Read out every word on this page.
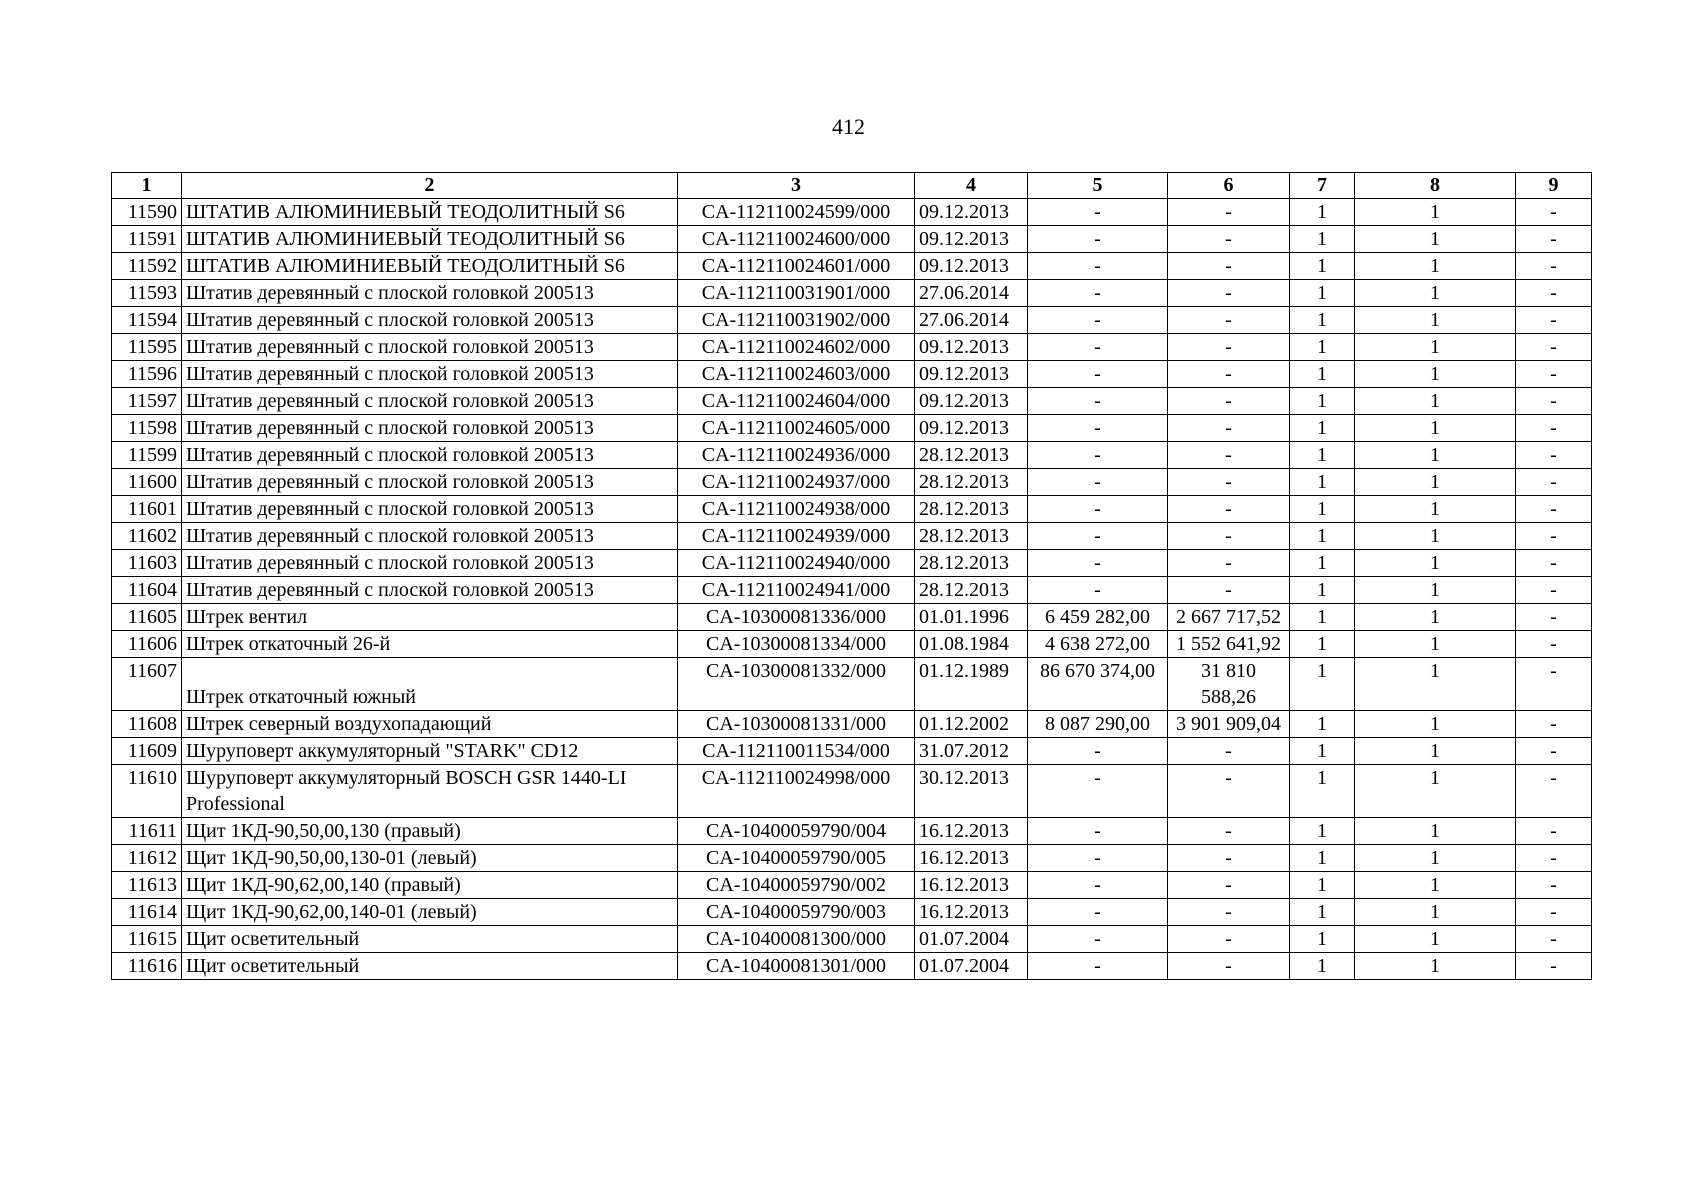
412
1	2	3	4	5	6	7	8	9
11590	ШТАТИВ АЛЮМИНИЕВЫЙ ТЕОДОЛИТНЫЙ S6	CA-112110024599/000	09.12.2013	-	-	1	1	-
11591	ШТАТИВ АЛЮМИНИЕВЫЙ ТЕОДОЛИТНЫЙ S6	CA-112110024600/000	09.12.2013	-	-	1	1	-
11592	ШТАТИВ АЛЮМИНИЕВЫЙ ТЕОДОЛИТНЫЙ S6	CA-112110024601/000	09.12.2013	-	-	1	1	-
11593	Штатив деревянный с плоской головкой 200513	CA-112110031901/000	27.06.2014	-	-	1	1	-
11594	Штатив деревянный с плоской головкой 200513	CA-112110031902/000	27.06.2014	-	-	1	1	-
11595	Штатив деревянный с плоской головкой 200513	CA-112110024602/000	09.12.2013	-	-	1	1	-
11596	Штатив деревянный с плоской головкой 200513	CA-112110024603/000	09.12.2013	-	-	1	1	-
11597	Штатив деревянный с плоской головкой 200513	CA-112110024604/000	09.12.2013	-	-	1	1	-
11598	Штатив деревянный с плоской головкой 200513	CA-112110024605/000	09.12.2013	-	-	1	1	-
11599	Штатив деревянный с плоской головкой 200513	CA-112110024936/000	28.12.2013	-	-	1	1	-
11600	Штатив деревянный с плоской головкой 200513	CA-112110024937/000	28.12.2013	-	-	1	1	-
11601	Штатив деревянный с плоской головкой 200513	CA-112110024938/000	28.12.2013	-	-	1	1	-
11602	Штатив деревянный с плоской головкой 200513	CA-112110024939/000	28.12.2013	-	-	1	1	-
11603	Штатив деревянный с плоской головкой 200513	CA-112110024940/000	28.12.2013	-	-	1	1	-
11604	Штатив деревянный с плоской головкой 200513	CA-112110024941/000	28.12.2013	-	-	1	1	-
11605	Штрек вентил	CA-10300081336/000	01.01.1996	6 459 282,00	2 667 717,52	1	1	-
11606	Штрек откаточный 26-й	CA-10300081334/000	01.08.1984	4 638 272,00	1 552 641,92	1	1	-
11607	Штрек откаточный южный	CA-10300081332/000	01.12.1989	86 670 374,00	31 810 588,26	1	1	-
11608	Штрек северный воздухопадающий	CA-10300081331/000	01.12.2002	8 087 290,00	3 901 909,04	1	1	-
11609	Шуруповерт аккумуляторный "STARK" CD12	CA-112110011534/000	31.07.2012	-	-	1	1	-
11610	Шуруповерт аккумуляторный BOSCH GSR 1440-LI Professional	CA-112110024998/000	30.12.2013	-	-	1	1	-
11611	Щит 1КД-90,50,00,130 (правый)	CA-10400059790/004	16.12.2013	-	-	1	1	-
11612	Щит 1КД-90,50,00,130-01 (левый)	CA-10400059790/005	16.12.2013	-	-	1	1	-
11613	Щит 1КД-90,62,00,140 (правый)	CA-10400059790/002	16.12.2013	-	-	1	1	-
11614	Щит 1КД-90,62,00,140-01 (левый)	CA-10400059790/003	16.12.2013	-	-	1	1	-
11615	Щит осветительный	CA-10400081300/000	01.07.2004	-	-	1	1	-
11616	Щит осветительный	CA-10400081301/000	01.07.2004	-	-	1	1	-
